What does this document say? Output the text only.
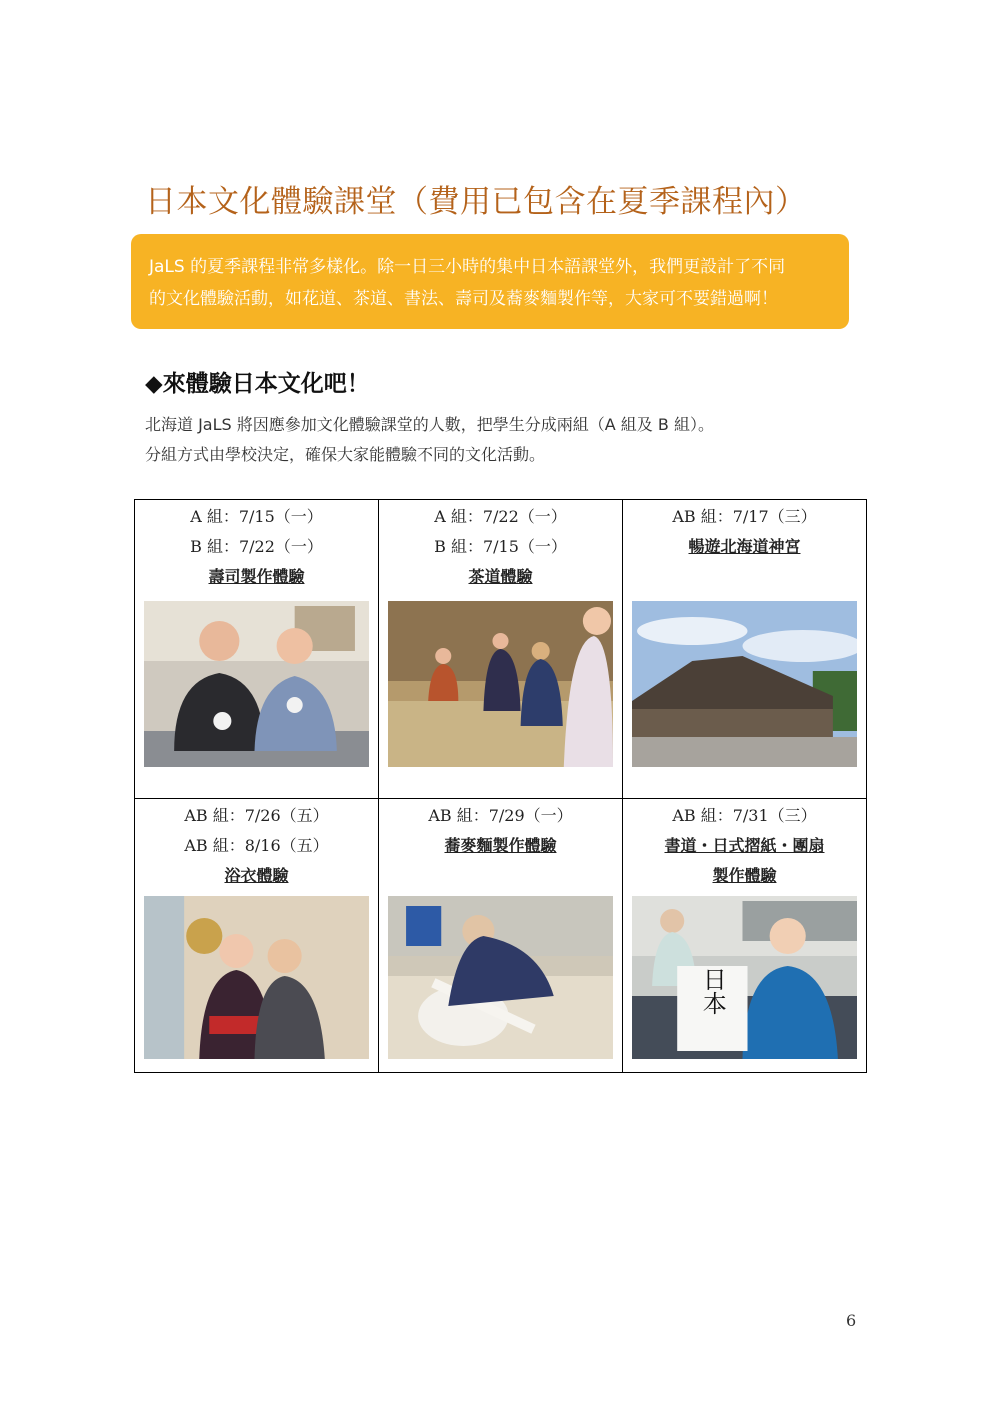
日本文化體驗課堂（費用已包含在夏季課程內）

JaLS 的夏季課程非常多樣化。除一日三小時的集中日本語課堂外，我們更設計了不同

的文化體驗活動，如花道、茶道、書法、壽司及蕎麥麵製作等，大家可不要錯過啊！

◆來體驗日本文化吧！

北海道 JaLS 將因應參加文化體驗課堂的人數，把學生分成兩組（A 組及 B 組）。

分組方式由學校決定，確保大家能體驗不同的文化活動。

A 組：7/15（一）
B 組：7/22（一）
壽司製作體驗
A 組：7/22（一）
B 組：7/15（一）
茶道體驗
AB 組：7/17（三）
暢遊北海道神宮
AB 組：7/26（五）
AB 組：8/16（五）
浴衣體驗
AB 組：7/29（一）
蕎麥麵製作體驗
AB 組：7/31（三）
書道・日式摺紙・團扇
製作體驗
日本
6
